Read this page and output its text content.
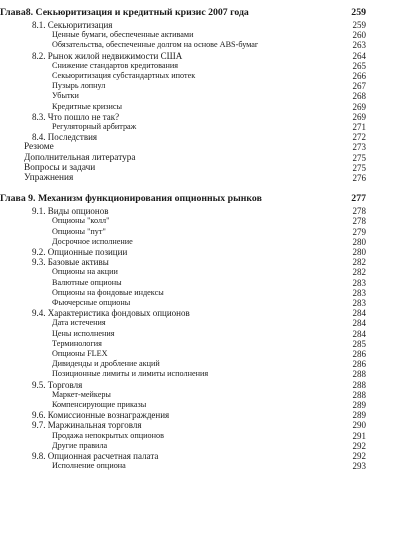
Глава8. Секьюритизация и кредитный кризис 2007 года	259
8.1. Секьюритизация	259
Ценные бумаги, обеспеченные активами	260
Обязательства, обеспеченные долгом на основе ABS-бумаг	263
8.2. Рынок жилой недвижимости США	264
Снижение стандартов кредитования	265
Секьюритизация субстандартных ипотек	266
Пузырь лопнул	267
Убытки	268
Кредитные кризисы	269
8.3. Что пошло не так?	269
Регуляторный арбитраж	271
8.4. Последствия	272
Резюме	273
Дополнительная литература	275
Вопросы и задачи	275
Упражнения	276
Глава 9. Механизм функционирования опционных рынков	277
9.1. Виды опционов	278
Опционы "колл"	278
Опционы "пут"	279
Досрочное исполнение	280
9.2. Опционные позиции	280
9.3. Базовые активы	282
Опционы на акции	282
Валютные опционы	283
Опционы на фондовые индексы	283
Фьючерсные опционы	283
9.4. Характеристика фондовых опционов	284
Дата истечения	284
Цены исполнения	284
Терминология	285
Опционы FLEX	286
Дивиденды и дробление акций	286
Позиционные лимиты и лимиты исполнения	288
9.5. Торговля	288
Маркет-мейкеры	288
Компенсирующие приказы	289
9.6. Комиссионные вознаграждения	289
9.7. Маржинальная торговля	290
Продажа непокрытых опционов	291
Другие правила	292
9.8. Опционная расчетная палата	292
Исполнение опциона	293
